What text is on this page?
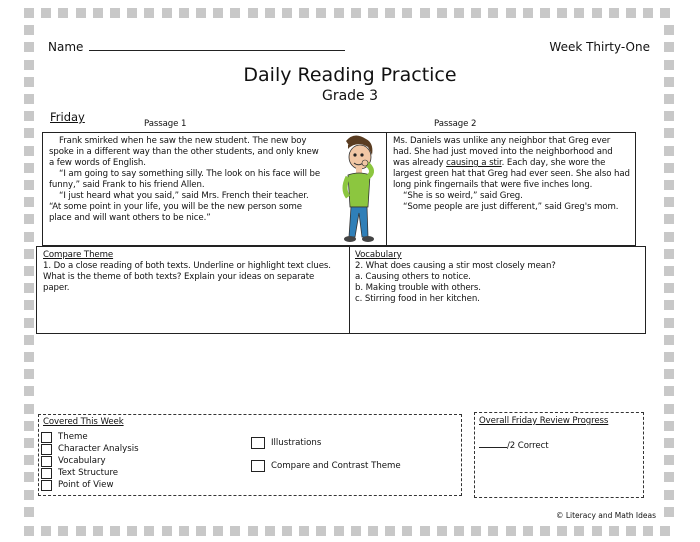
Name	Week Thirty-One
Daily Reading Practice
Grade 3
Friday	Passage 1	Passage 2

Frank smirked when he saw the new student. The new boy spoke in a different way than the other students, and only knew a few words of English.

“I am going to say something silly. The look on his face will be funny,” said Frank to his friend Allen.

“I just heard what you said,” said Mrs. French their teacher. “At some point in your life, you will be the new person some place and will want others to be nice.”

Ms. Daniels was unlike any neighbor that Greg ever had. She had just moved into the neighborhood and was already causing a stir. Each day, she wore the largest green hat that Greg had ever seen. She also had long pink fingernails that were five inches long.

“She is so weird,” said Greg.

“Some people are just different,” said Greg's mom.

Compare Theme
1. Do a close reading of both texts. Underline or highlight text clues. What is the theme of both texts? Explain your ideas on separate paper.
Vocabulary
2. What does causing a stir most closely mean?
a. Causing others to notice.
b. Making trouble with others.
c. Stirring food in her kitchen.
Covered This Week
Theme
Character Analysis
Vocabulary
Text Structure
Point of View
Illustrations
Compare and Contrast Theme
Overall Friday Review Progress
/2 Correct
© Literacy and Math Ideas
